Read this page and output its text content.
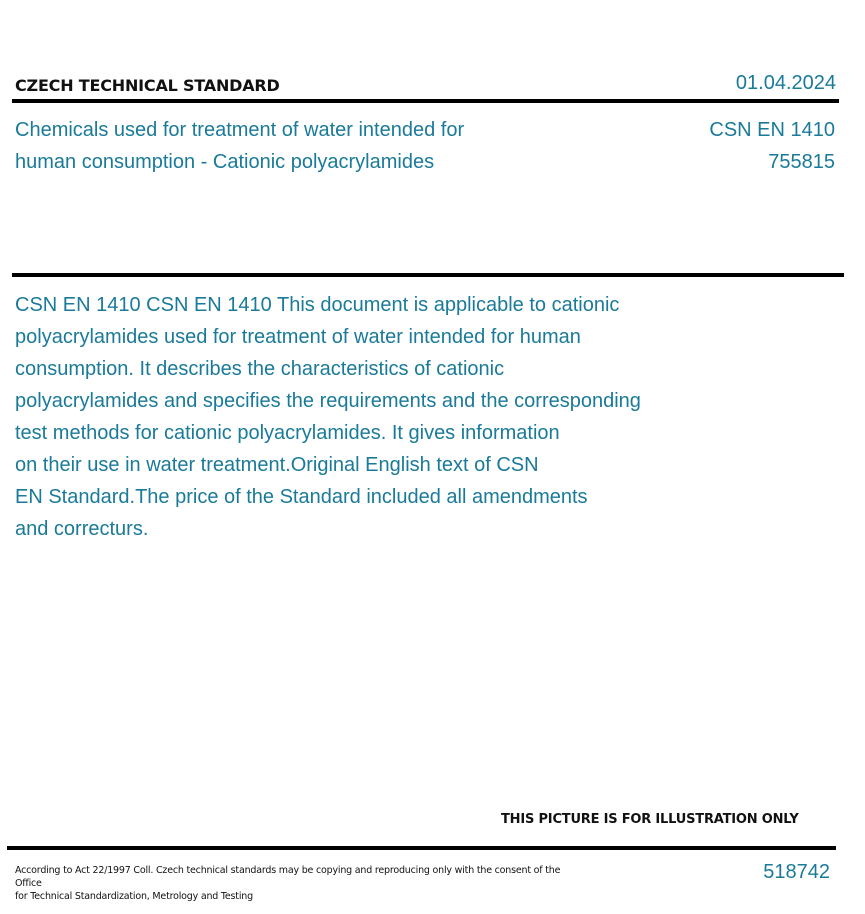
CZECH TECHNICAL STANDARD	01.04.2024
Chemicals used for treatment of water intended for
human consumption - Cationic polyacrylamides
CSN EN 1410
755815
CSN EN 1410 CSN EN 1410 This document is applicable to cationic
polyacrylamides used for treatment of water intended for human
consumption. It describes the characteristics of cationic
polyacrylamides and specifies the requirements and the corresponding
test methods for cationic polyacrylamides. It gives information
on their use in water treatment.Original English text of CSN
EN Standard.The price of the Standard included all amendments
and correcturs.
THIS PICTURE IS FOR ILLUSTRATION ONLY
According to Act 22/1997 Coll. Czech technical standards may be copying and reproducing only with the consent of the Office
for Technical Standardization, Metrology and Testing
518742
